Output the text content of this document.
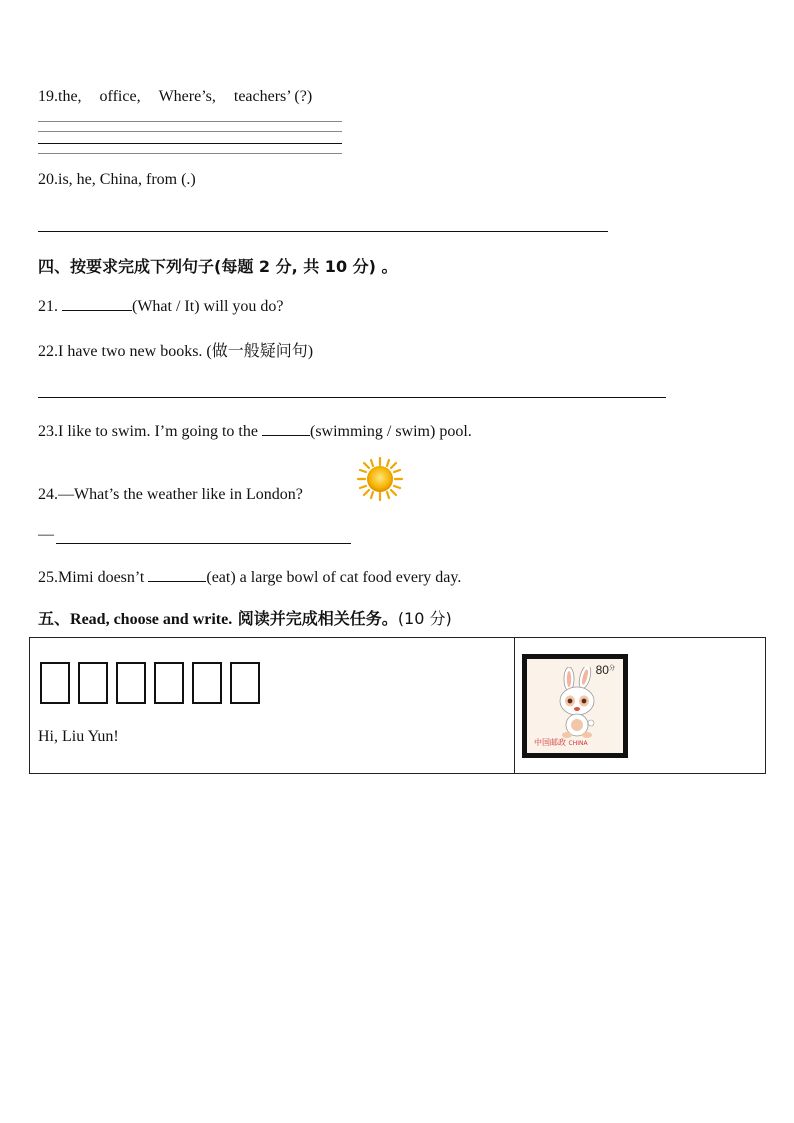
19.the, office, Where’s, teachers’ (?)
20.is, he, China, from (.)
四、按要求完成下列句子(每题 2 分, 共 10 分) 。
21.	(What / It) will you do?
22.I have two new books. (做一般疑问句)
23.I like to swim. I’m going to the	(swimming / swim) pool.
24.—What’s the weather like in London?
—
25.Mimi doesn’t	(eat) a large bowl of cat food every day.
五、Read, choose and write. 阅读并完成相关任务。(10 分)
Hi, Liu Yun!
$80^分$
中国邮政 CHINA
